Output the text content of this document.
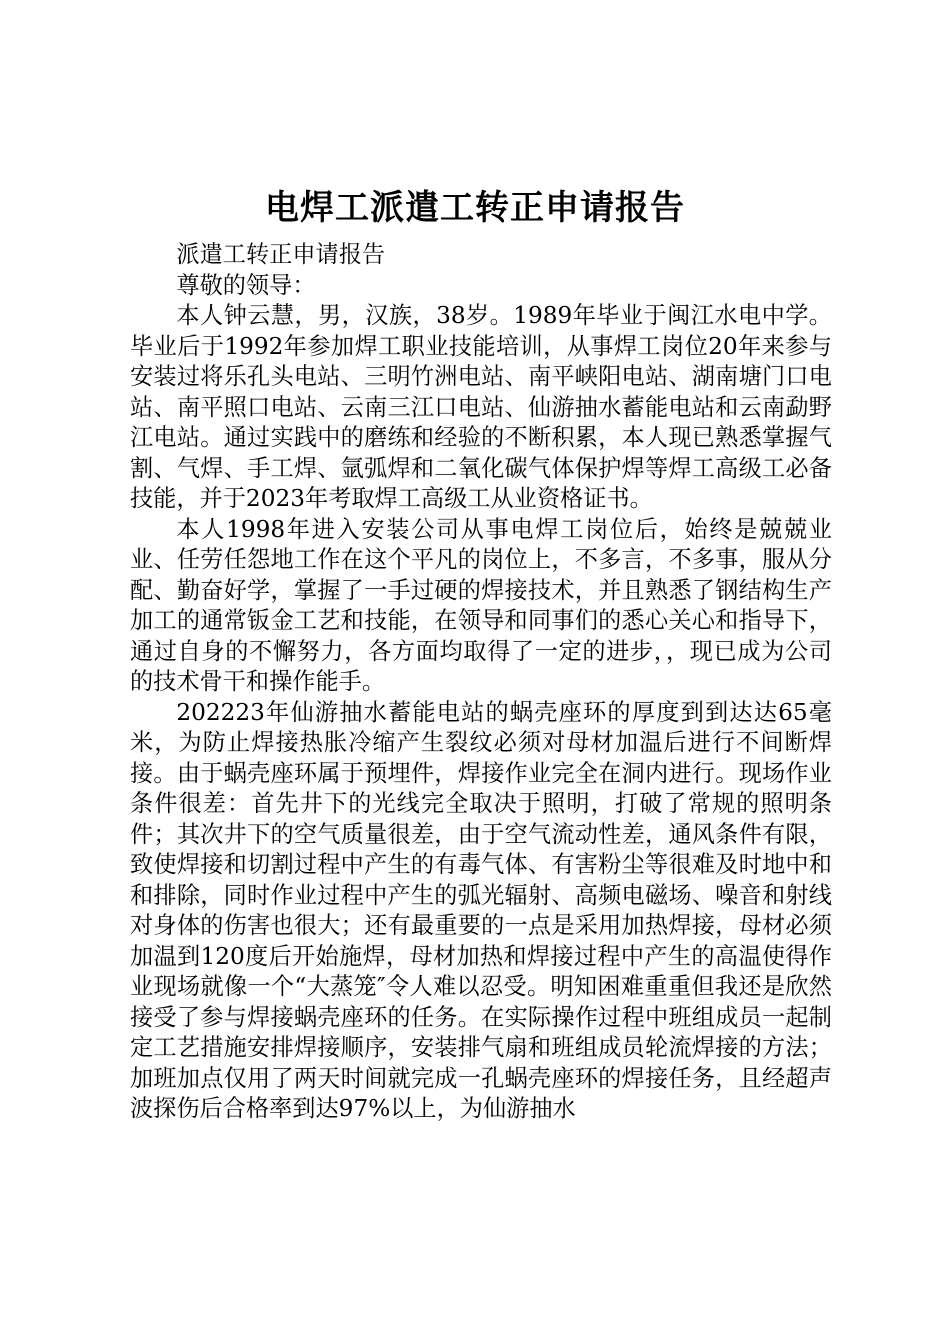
电焊工派遣工转正申请报告

派遣工转正申请报告

尊敬的领导：

本人钟云慧，男，汉族，38岁。1989年毕业于闽江水电中学。毕业后于1992年参加焊工职业技能培训，从事焊工岗位20年来参与安装过将乐孔头电站、三明竹洲电站、南平峡阳电站、湖南塘门口电站、南平照口电站、云南三江口电站、仙游抽水蓄能电站和云南勐野江电站。通过实践中的磨练和经验的不断积累，本人现已熟悉掌握气割、气焊、手工焊、氩弧焊和二氧化碳气体保护焊等焊工高级工必备技能，并于2023年考取焊工高级工从业资格证书。

本人1998年进入安装公司从事电焊工岗位后，始终是兢兢业业、任劳任怨地工作在这个平凡的岗位上，不多言，不多事，服从分配、勤奋好学，掌握了一手过硬的焊接技术，并且熟悉了钢结构生产加工的通常钣金工艺和技能，在领导和同事们的悉心关心和指导下，通过自身的不懈努力，各方面均取得了一定的进步，，现已成为公司的技术骨干和操作能手。

202223年仙游抽水蓄能电站的蜗壳座环的厚度到到达达65毫米，为防止焊接热胀冷缩产生裂纹必须对母材加温后进行不间断焊接。由于蜗壳座环属于预埋件，焊接作业完全在洞内进行。现场作业条件很差：首先井下的光线完全取决于照明，打破了常规的照明条件；其次井下的空气质量很差，由于空气流动性差，通风条件有限，致使焊接和切割过程中产生的有毒气体、有害粉尘等很难及时地中和和排除，同时作业过程中产生的弧光辐射、高频电磁场、噪音和射线对身体的伤害也很大；还有最重要的一点是采用加热焊接，母材必须加温到120度后开始施焊，母材加热和焊接过程中产生的高温使得作业现场就像一个“大蒸笼″令人难以忍受。明知困难重重但我还是欣然接受了参与焊接蜗壳座环的任务。在实际操作过程中班组成员一起制定工艺措施安排焊接顺序，安装排气扇和班组成员轮流焊接的方法；加班加点仅用了两天时间就完成一孔蜗壳座环的焊接任务，且经超声波探伤后合格率到达97%以上，为仙游抽水
